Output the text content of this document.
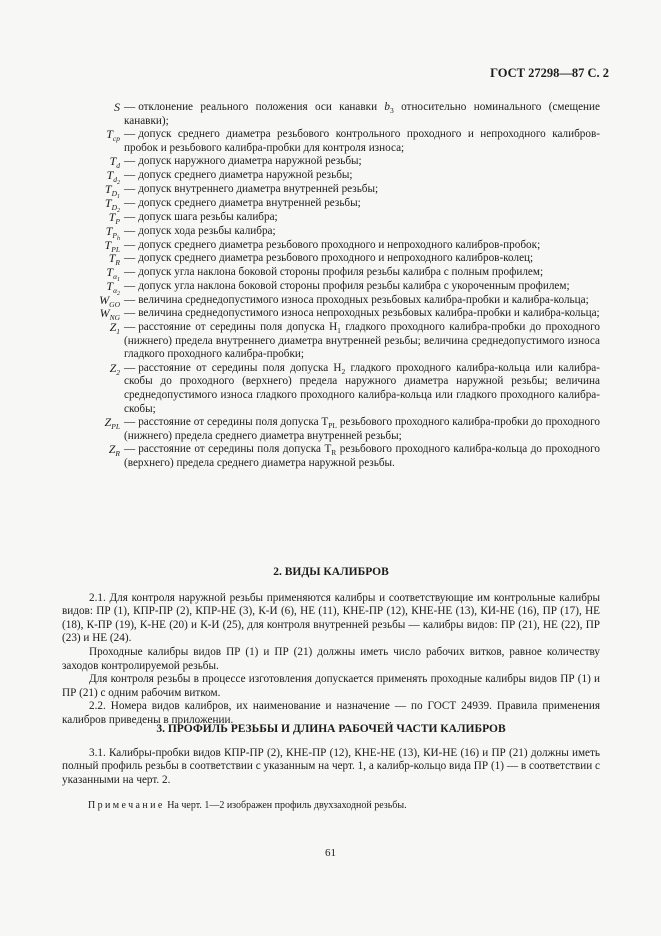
ГОСТ 27298—87 С. 2
S — отклонение реального положения оси канавки $b_3$ относительно номинального (смещение канавки);
$T_{cp}$ — допуск среднего диаметра резьбового контрольного проходного и непроходного калибров-пробок и резьбового калибра-пробки для контроля износа;
$T_d$ — допуск наружного диаметра наружной резьбы;
$T_{d_2}$
— допуск среднего диаметра наружной резьбы;
$T_{D_1}$
— допуск внутреннего диаметра внутренней резьбы;
$T_{D_2}$
— допуск среднего диаметра внутренней резьбы;
$T_P$ — допуск шага резьбы калибра;
$T_{P_h}$
— допуск хода резьбы калибра;
$T_{PL}$ — допуск среднего диаметра резьбового проходного и непроходного калибров-пробок;
$T_R$ — допуск среднего диаметра резьбового проходного и непроходного калибров-колец;
$T_{\alpha_1}$
— допуск угла наклона боковой стороны профиля резьбы калибра с полным профилем;
$T_{\alpha_2}$
— допуск угла наклона боковой стороны профиля резьбы калибра с укороченным профилем;
$W_{GO}$ — величина среднедопустимого износа проходных резьбовых калибра-пробки и калибра-кольца;
$W_{NG}$ — величина среднедопустимого износа непроходных резьбовых калибра-пробки и калибра-кольца;
$Z_1$ — расстояние от середины поля допуска $H_1$ гладкого проходного калибра-пробки до проходного (нижнего) предела внутреннего диаметра внутренней резьбы; величина среднедопустимого износа гладкого проходного калибра-пробки;
$Z_2$ — расстояние от середины поля допуска $H_2$ гладкого проходного калибра-кольца или калибра-скобы до проходного (верхнего) предела наружного диаметра наружной резьбы; величина среднедопустимого износа гладкого проходного калибра-кольца или гладкого проходного калибра-скобы;
$Z_{PL}$ — расстояние от середины поля допуска $T_{PL}$ резьбового проходного калибра-пробки до проходного (нижнего) предела среднего диаметра внутренней резьбы;
$Z_R$ — расстояние от середины поля допуска $T_R$ резьбового проходного калибра-кольца до проходного (верхнего) предела среднего диаметра наружной резьбы.
2. ВИДЫ КАЛИБРОВ

2.1. Для контроля наружной резьбы применяются калибры и соответствующие им контрольные калибры видов: ПР (1), КПР-ПР (2), КПР-НЕ (3), К-И (6), НЕ (11), КНЕ-ПР (12), КНЕ-НЕ (13), КИ-НЕ (16), ПР (17), НЕ (18), К-ПР (19), К-НЕ (20) и К-И (25), для контроля внутренней резьбы — калибры видов: ПР (21), НЕ (22), ПР (23) и НЕ (24).

Проходные калибры видов ПР (1) и ПР (21) должны иметь число рабочих витков, равное количеству заходов контролируемой резьбы.

Для контроля резьбы в процессе изготовления допускается применять проходные калибры видов ПР (1) и ПР (21) с одним рабочим витком.

2.2. Номера видов калибров, их наименование и назначение — по ГОСТ 24939. Правила применения калибров приведены в приложении.

3. ПРОФИЛЬ РЕЗЬБЫ И ДЛИНА РАБОЧЕЙ ЧАСТИ КАЛИБРОВ

3.1. Калибры-пробки видов КПР-ПР (2), КНЕ-ПР (12), КНЕ-НЕ (13), КИ-НЕ (16) и ПР (21) должны иметь полный профиль резьбы в соответствии с указанным на черт. 1, а калибр-кольцо вида ПР (1) — в соответствии с указанными на черт. 2.

Примечание На черт. 1—2 изображен профиль двухзаходной резьбы.
61
